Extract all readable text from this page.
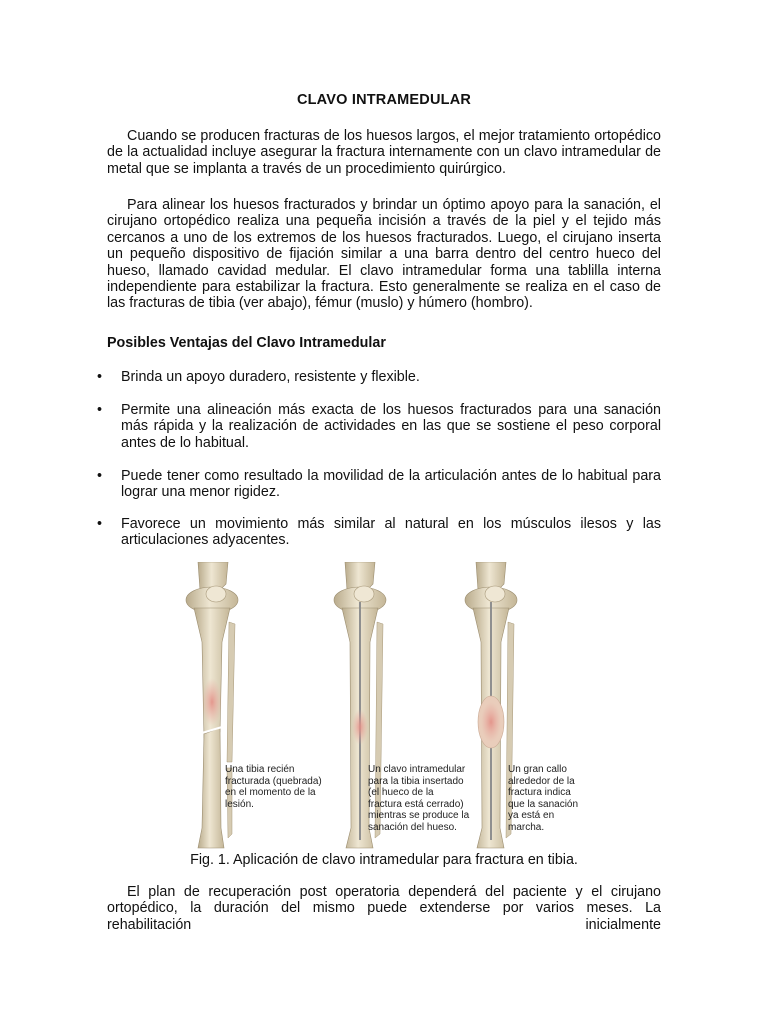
CLAVO INTRAMEDULAR

Cuando se producen fracturas de los huesos largos, el mejor tratamiento ortopédico de la actualidad incluye asegurar la fractura internamente con un clavo intramedular de metal que se implanta a través de un procedimiento quirúrgico.

Para alinear los huesos fracturados y brindar un óptimo apoyo para la sanación, el cirujano ortopédico realiza una pequeña incisión a través de la piel y el tejido más cercanos a uno de los extremos de los huesos fracturados. Luego, el cirujano inserta un pequeño dispositivo de fijación similar a una barra dentro del centro hueco del hueso, llamado cavidad medular. El clavo intramedular forma una tablilla interna independiente para estabilizar la fractura. Esto generalmente se realiza en el caso de las fracturas de tibia (ver abajo), fémur (muslo) y húmero (hombro).

Posibles Ventajas del Clavo Intramedular
•	Brinda un apoyo duradero, resistente y flexible.
•	Permite una alineación más exacta de los huesos fracturados para una sanación más rápida y la realización de actividades en las que se sostiene el peso corporal antes de lo habitual.
•	Puede tener como resultado la movilidad de la articulación antes de lo habitual para lograr una menor rigidez.
•	Favorece un movimiento más similar al natural en los músculos ilesos y las articulaciones adyacentes.
Una tibia recién fracturada (quebrada) en el momento de la lesión.
Un clavo intramedular para la tibia insertado (el hueco de la fractura está cerrado) mientras se produce la sanación del hueso.
Un gran callo alrededor de la fractura indica que la sanación ya está en marcha.
Fig. 1. Aplicación de clavo intramedular para fractura en tibia.

El plan de recuperación post operatoria dependerá del paciente y el cirujano ortopédico, la duración del mismo puede extenderse por varios meses. La rehabilitación inicialmente
